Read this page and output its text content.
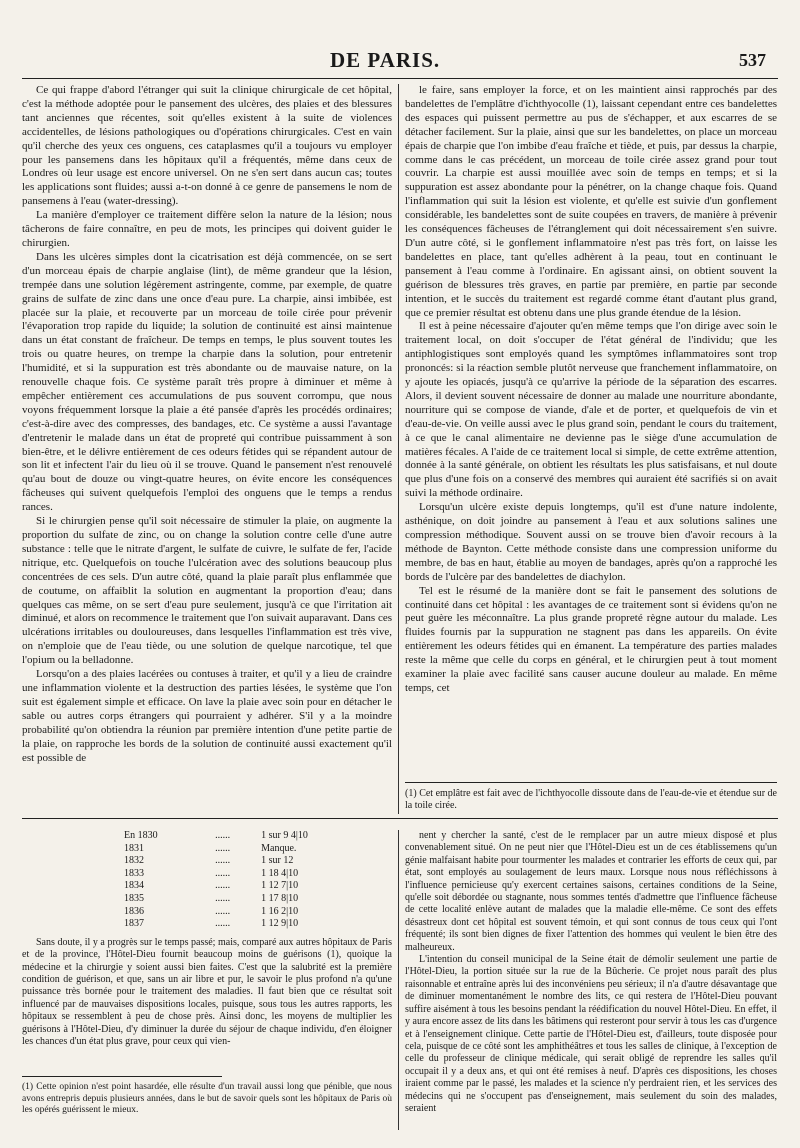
DE PARIS.	537

Ce qui frappe d'abord l'étranger qui suit la clinique chirurgicale de cet hôpital, c'est la méthode adoptée pour le pansement des ulcères, des plaies et des blessures tant anciennes que récentes, soit qu'elles existent à la suite de violences accidentelles, de lésions pathologiques ou d'opérations chirurgicales. C'est en vain qu'il cherche des yeux ces onguens, ces cataplasmes qu'il a toujours vu employer pour les pansemens dans les hôpitaux qu'il a fréquentés, même dans ceux de Londres où leur usage est encore universel. On ne s'en sert dans aucun cas; toutes les applications sont fluides; aussi a-t-on donné à ce genre de pansemens le nom de pansemens à l'eau (water-dressing).

La manière d'employer ce traitement diffère selon la nature de la lésion; nous tâcherons de faire connaître, en peu de mots, les principes qui doivent guider le chirurgien.

Dans les ulcères simples dont la cicatrisation est déjà commencée, on se sert d'un morceau épais de charpie anglaise (lint), de même grandeur que la lésion, trempée dans une solution légèrement astringente, comme, par exemple, de quatre grains de sulfate de zinc dans une once d'eau pure. La charpie, ainsi imbibée, est placée sur la plaie, et recouverte par un morceau de toile cirée pour prévenir l'évaporation trop rapide du liquide; la solution de continuité est ainsi maintenue dans un état constant de fraîcheur. De temps en temps, le plus souvent toutes les trois ou quatre heures, on trempe la charpie dans la solution, pour entretenir l'humidité, et si la suppuration est très abondante ou de mauvaise nature, on la renouvelle chaque fois. Ce système paraît très propre à diminuer et même à empêcher entièrement ces accumulations de pus souvent corrompu, que nous voyons fréquemment lorsque la plaie a été pansée d'après les procédés ordinaires; c'est-à-dire avec des compresses, des bandages, etc. Ce système a aussi l'avantage d'entretenir le malade dans un état de propreté qui contribue puissamment à son bien-être, et le délivre entièrement de ces odeurs fétides qui se répandent autour de son lit et infectent l'air du lieu où il se trouve. Quand le pansement n'est renouvelé qu'au bout de douze ou vingt-quatre heures, on évite encore les conséquences fâcheuses qui suivent quelquefois l'emploi des onguens que le temps a rendus rances.

Si le chirurgien pense qu'il soit nécessaire de stimuler la plaie, on augmente la proportion du sulfate de zinc, ou on change la solution contre celle d'une autre substance : telle que le nitrate d'argent, le sulfate de cuivre, le sulfate de fer, l'acide nitrique, etc. Quelquefois on touche l'ulcération avec des solutions beaucoup plus concentrées de ces sels. D'un autre côté, quand la plaie paraît plus enflammée que de coutume, on affaiblit la solution en augmentant la proportion d'eau; dans quelques cas même, on se sert d'eau pure seulement, jusqu'à ce que l'irritation ait diminué, et alors on recommence le traitement que l'on suivait auparavant. Dans ces ulcérations irritables ou douloureuses, dans lesquelles l'inflammation est très vive, on n'emploie que de l'eau tiède, ou une solution de quelque narcotique, tel que l'opium ou la belladonne.

Lorsqu'on a des plaies lacérées ou contuses à traiter, et qu'il y a lieu de craindre une inflammation violente et la destruction des parties lésées, le système que l'on suit est également simple et efficace. On lave la plaie avec soin pour en détacher le sable ou autres corps étrangers qui pourraient y adhérer. S'il y a la moindre probabilité qu'on obtiendra la réunion par première intention d'une petite partie de la plaie, on rapproche les bords de la solution de continuité aussi exactement qu'il est possible de

le faire, sans employer la force, et on les maintient ainsi rapprochés par des bandelettes de l'emplâtre d'ichthyocolle (1), laissant cependant entre ces bandelettes des espaces qui puissent permettre au pus de s'échapper, et aux escarres de se détacher facilement. Sur la plaie, ainsi que sur les bandelettes, on place un morceau épais de charpie que l'on imbibe d'eau fraîche et tiède, et puis, par dessus la charpie, comme dans le cas précédent, un morceau de toile cirée assez grand pour tout couvrir. La charpie est aussi mouillée avec soin de temps en temps; et si la suppuration est assez abondante pour la pénétrer, on la change chaque fois. Quand l'inflammation qui suit la lésion est violente, et qu'elle est suivie d'un gonflement considérable, les bandelettes sont de suite coupées en travers, de manière à prévenir les conséquences fâcheuses de l'étranglement qui doit nécessairement s'en suivre. D'un autre côté, si le gonflement inflammatoire n'est pas très fort, on laisse les bandelettes en place, tant qu'elles adhèrent à la peau, tout en continuant le pansement à l'eau comme à l'ordinaire. En agissant ainsi, on obtient souvent la guérison de blessures très graves, en partie par première, en partie par seconde intention, et le succès du traitement est regardé comme étant d'autant plus grand, que ce premier résultat est obtenu dans une plus grande étendue de la lésion.

Il est à peine nécessaire d'ajouter qu'en même temps que l'on dirige avec soin le traitement local, on doit s'occuper de l'état général de l'individu; que les antiphlogistiques sont employés quand les symptômes inflammatoires sont trop prononcés: si la réaction semble plutôt nerveuse que franchement inflammatoire, on y ajoute les opiacés, jusqu'à ce qu'arrive la période de la séparation des escarres. Alors, il devient souvent nécessaire de donner au malade une nourriture abondante, nourriture qui se compose de viande, d'ale et de porter, et quelquefois de vin et d'eau-de-vie. On veille aussi avec le plus grand soin, pendant le cours du traitement, à ce que le canal alimentaire ne devienne pas le siège d'une accumulation de matières fécales. A l'aide de ce traitement local si simple, de cette extrême attention, donnée à la santé générale, on obtient les résultats les plus satisfaisans, et nul doute que plus d'une fois on a conservé des membres qui auraient été sacrifiés si on avait suivi la méthode ordinaire.

Lorsqu'un ulcère existe depuis longtemps, qu'il est d'une nature indolente, asthénique, on doit joindre au pansement à l'eau et aux solutions salines une compression méthodique. Souvent aussi on se trouve bien d'avoir recours à la méthode de Baynton. Cette méthode consiste dans une compression uniforme du membre, de bas en haut, établie au moyen de bandages, après qu'on a rapproché les bords de l'ulcère par des bandelettes de diachylon.

Tel est le résumé de la manière dont se fait le pansement des solutions de continuité dans cet hôpital : les avantages de ce traitement sont si évidens qu'on ne peut guère les méconnaître. La plus grande propreté règne autour du malade. Les fluides fournis par la suppuration ne stagnent pas dans les appareils. On évite entièrement les odeurs fétides qui en émanent. La température des parties malades reste la même que celle du corps en général, et le chirurgien peut à tout moment examiner la plaie avec facilité sans causer aucune douleur au malade. En même temps, cet

(1) Cet emplâtre est fait avec de l'ichthyocolle dissoute dans de l'eau-de-vie et étendue sur de la toile cirée.
En 1830	......	1 sur 9 4|10
1831	......	Manque.
1832	......	1 sur 12
1833	......	1 18 4|10
1834	......	1 12 7|10
1835	......	1 17 8|10
1836	......	1 16 2|10
1837	......	1 12 9|10

Sans doute, il y a progrès sur le temps passé; mais, comparé aux autres hôpitaux de Paris et de la province, l'Hôtel-Dieu fournit beaucoup moins de guérisons (1), quoique la médecine et la chirurgie y soient aussi bien faites. C'est que la salubrité est la première condition de guérison, et que, sans un air libre et pur, le savoir le plus profond n'a qu'une puissance très bornée pour le traitement des maladies. Il faut bien que ce résultat soit influencé par de mauvaises dispositions locales, puisque, sous tous les autres rapports, les hôpitaux se ressemblent à peu de chose près. Ainsi donc, les moyens de multiplier les guérisons à l'Hôtel-Dieu, d'y diminuer la durée du séjour de chaque individu, d'en éloigner les chances d'un état plus grave, pour ceux qui vien-

(1) Cette opinion n'est point hasardée, elle résulte d'un travail aussi long que pénible, que nous avons entrepris depuis plusieurs années, dans le but de savoir quels sont les hôpitaux de Paris où les opérés guérissent le mieux.

nent y chercher la santé, c'est de le remplacer par un autre mieux disposé et plus convenablement situé. On ne peut nier que l'Hôtel-Dieu est un de ces établissemens qu'un génie malfaisant habite pour tourmenter les malades et contrarier les efforts de ceux qui, par état, sont employés au soulagement de leurs maux. Lorsque nous nous réfléchissons à l'influence pernicieuse qu'y exercent certaines saisons, certaines conditions de la Seine, qu'elle soit débordée ou stagnante, nous sommes tentés d'admettre que l'influence fâcheuse de cette localité enlève autant de malades que la maladie elle-même. Ce sont des effets désastreux dont cet hôpital est souvent témoin, et qui sont connus de tous ceux qui l'ont fréquenté; ils sont bien dignes de fixer l'attention des hommes qui veulent le bien être des malheureux.

L'intention du conseil municipal de la Seine était de démolir seulement une partie de l'Hôtel-Dieu, la portion située sur la rue de la Bûcherie. Ce projet nous paraît des plus raisonnable et entraîne après lui des inconvéniens peu sérieux; il n'a d'autre désavantage que de diminuer momentanément le nombre des lits, ce qui restera de l'Hôtel-Dieu pouvant suffire aisément à tous les besoins pendant la réédification du nouvel Hôtel-Dieu. En effet, il y aura encore assez de lits dans les bâtimens qui resteront pour servir à tous les cas d'urgence et à l'enseignement clinique. Cette partie de l'Hôtel-Dieu est, d'ailleurs, toute disposée pour cela, puisque de ce côté sont les amphithéâtres et tous les salles de clinique, à l'exception de celle du professeur de clinique médicale, qui serait obligé de reprendre les salles qu'il occupait il y a deux ans, et qui ont été remises à neuf. D'après ces dispositions, les choses iraient comme par le passé, les malades et la science n'y perdraient rien, et les services des médecins qui ne s'occupent pas d'enseignement, mais seulement du soin des malades, seraient
